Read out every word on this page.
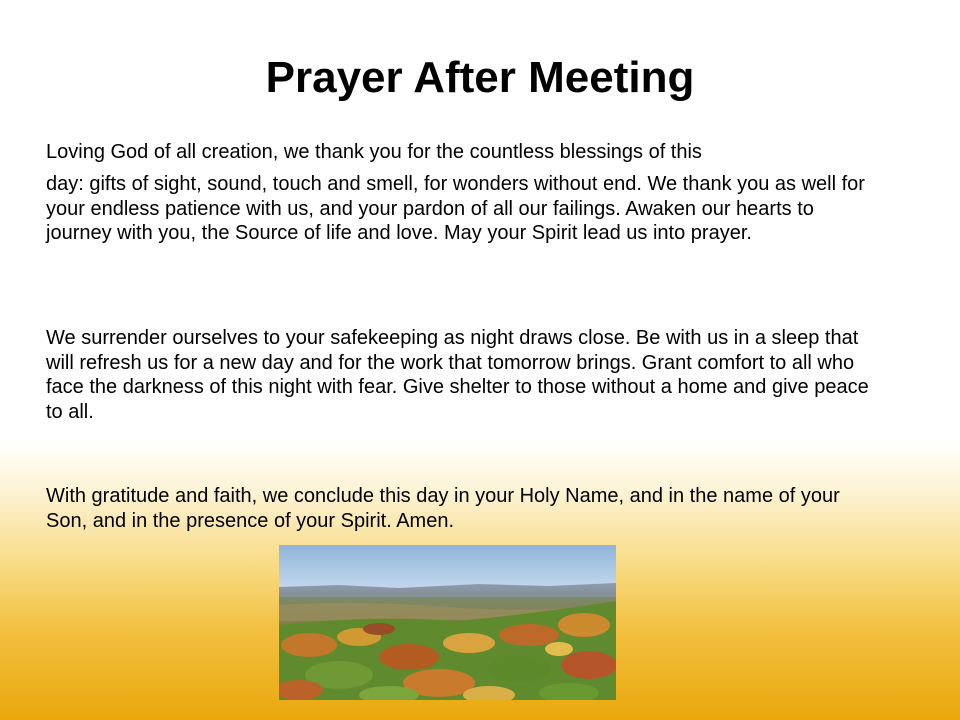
Prayer After Meeting

Loving God of all creation, we thank you for the countless blessings of this

day: gifts of sight, sound, touch and smell, for wonders without end. We thank you as well for your endless patience with us, and your pardon of all our failings. Awaken our hearts to journey with you, the Source of life and love. May your Spirit lead us into prayer.

We surrender ourselves to your safekeeping as night draws close. Be with us in a sleep that will refresh us for a new day and for the work that tomorrow brings. Grant comfort to all who face the darkness of this night with fear. Give shelter to those without a home and give peace to all.

With gratitude and faith, we conclude this day in your Holy Name, and in the name of your Son, and in the presence of your Spirit. Amen.
